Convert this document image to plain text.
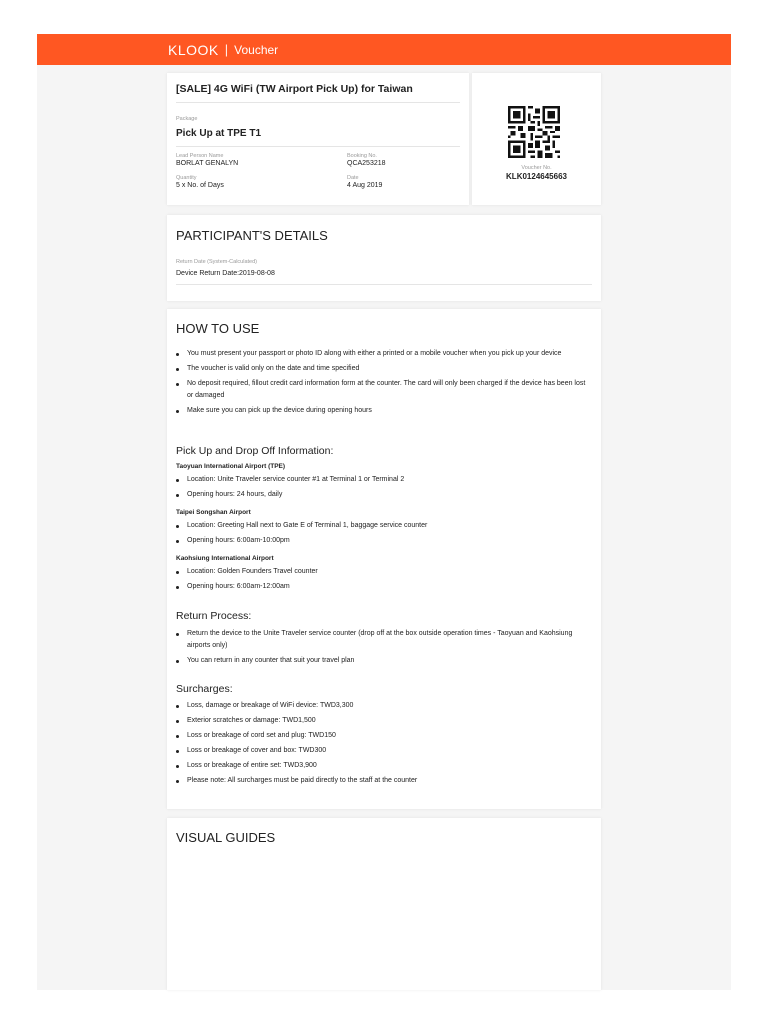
KLOOK | Voucher
[SALE] 4G WiFi (TW Airport Pick Up) for Taiwan
Package
Pick Up at TPE T1
Lead Person Name
BORLAT GENALYN
Booking No.
QCA253218
Quantity
5 x No. of Days
Date
4 Aug 2019
Voucher No.
KLK0124645663
PARTICIPANT'S DETAILS
Return Date (System-Calculated)
Device Return Date:2019-08-08
HOW TO USE
You must present your passport or photo ID along with either a printed or a mobile voucher when you pick up your device
The voucher is valid only on the date and time specified
No deposit required, fillout credit card information form at the counter. The card will only been charged if the device has been lost or damaged
Make sure you can pick up the device during opening hours
Pick Up and Drop Off Information:
Taoyuan International Airport (TPE)
Location: Unite Traveler service counter #1 at Terminal 1 or Terminal 2
Opening hours: 24 hours, daily
Taipei Songshan Airport
Location: Greeting Hall next to Gate E of Terminal 1, baggage service counter
Opening hours: 6:00am-10:00pm
Kaohsiung International Airport
Location: Golden Founders Travel counter
Opening hours: 6:00am-12:00am
Return Process:
Return the device to the Unite Traveler service counter (drop off at the box outside operation times - Taoyuan and Kaohsiung airports only)
You can return in any counter that suit your travel plan
Surcharges:
Loss, damage or breakage of WiFi device: TWD3,300
Exterior scratches or damage: TWD1,500
Loss or breakage of cord set and plug: TWD150
Loss or breakage of cover and box: TWD300
Loss or breakage of entire set: TWD3,900
Please note: All surcharges must be paid directly to the staff at the counter
VISUAL GUIDES
